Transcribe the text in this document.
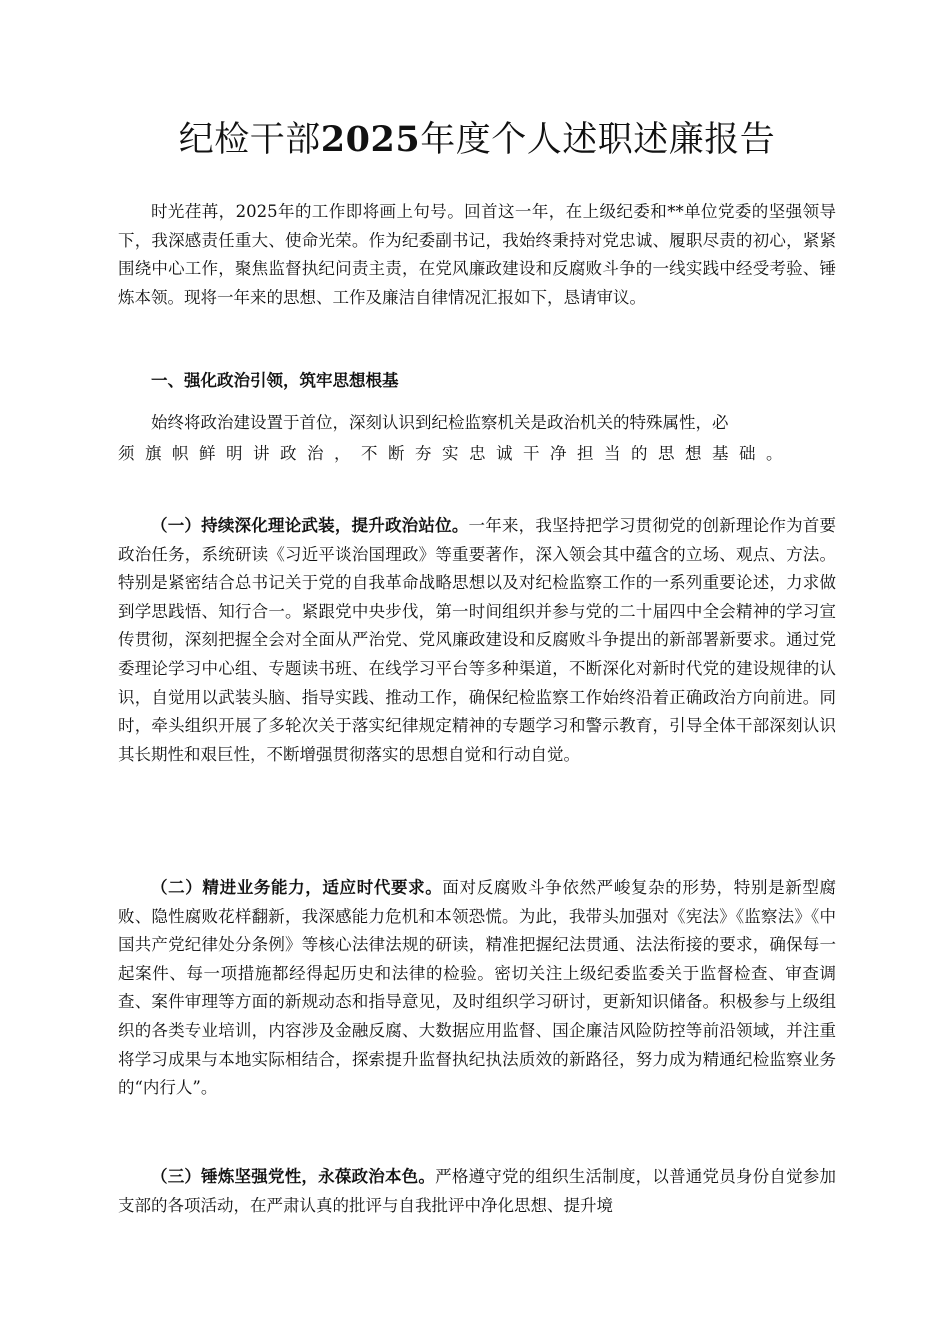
纪检干部2025年度个人述职述廉报告

时光荏苒，2025年的工作即将画上句号。回首这一年，在上级纪委和**单位党委的坚强领导下，我深感责任重大、使命光荣。作为纪委副书记，我始终秉持对党忠诚、履职尽责的初心，紧紧围绕中心工作，聚焦监督执纪问责主责，在党风廉政建设和反腐败斗争的一线实践中经受考验、锤炼本领。现将一年来的思想、工作及廉洁自律情况汇报如下，恳请审议。

一、强化政治引领，筑牢思想根基

始终将政治建设置于首位，深刻认识到纪检监察机关是政治机关的特殊属性，必

须旗帜鲜明讲政治，不断夯实忠诚干净担当的思想基础。

（一）持续深化理论武装，提升政治站位。一年来，我坚持把学习贯彻党的创新理论作为首要政治任务，系统研读《习近平谈治国理政》等重要著作，深入领会其中蕴含的立场、观点、方法。特别是紧密结合总书记关于党的自我革命战略思想以及对纪检监察工作的一系列重要论述，力求做到学思践悟、知行合一。紧跟党中央步伐，第一时间组织并参与党的二十届四中全会精神的学习宣传贯彻，深刻把握全会对全面从严治党、党风廉政建设和反腐败斗争提出的新部署新要求。通过党委理论学习中心组、专题读书班、在线学习平台等多种渠道，不断深化对新时代党的建设规律的认识，自觉用以武装头脑、指导实践、推动工作，确保纪检监察工作始终沿着正确政治方向前进。同时，牵头组织开展了多轮次关于落实纪律规定精神的专题学习和警示教育，引导全体干部深刻认识其长期性和艰巨性，不断增强贯彻落实的思想自觉和行动自觉。

（二）精进业务能力，适应时代要求。面对反腐败斗争依然严峻复杂的形势，特别是新型腐败、隐性腐败花样翻新，我深感能力危机和本领恐慌。为此，我带头加强对《宪法》《监察法》《中国共产党纪律处分条例》等核心法律法规的研读，精准把握纪法贯通、法法衔接的要求，确保每一起案件、每一项措施都经得起历史和法律的检验。密切关注上级纪委监委关于监督检查、审查调查、案件审理等方面的新规动态和指导意见，及时组织学习研讨，更新知识储备。积极参与上级组织的各类专业培训，内容涉及金融反腐、大数据应用监督、国企廉洁风险防控等前沿领域，并注重将学习成果与本地实际相结合，探索提升监督执纪执法质效的新路径，努力成为精通纪检监察业务的“内行人”。

（三）锤炼坚强党性，永葆政治本色。严格遵守党的组织生活制度，以普通党员身份自觉参加支部的各项活动，在严肃认真的批评与自我批评中净化思想、提升境
